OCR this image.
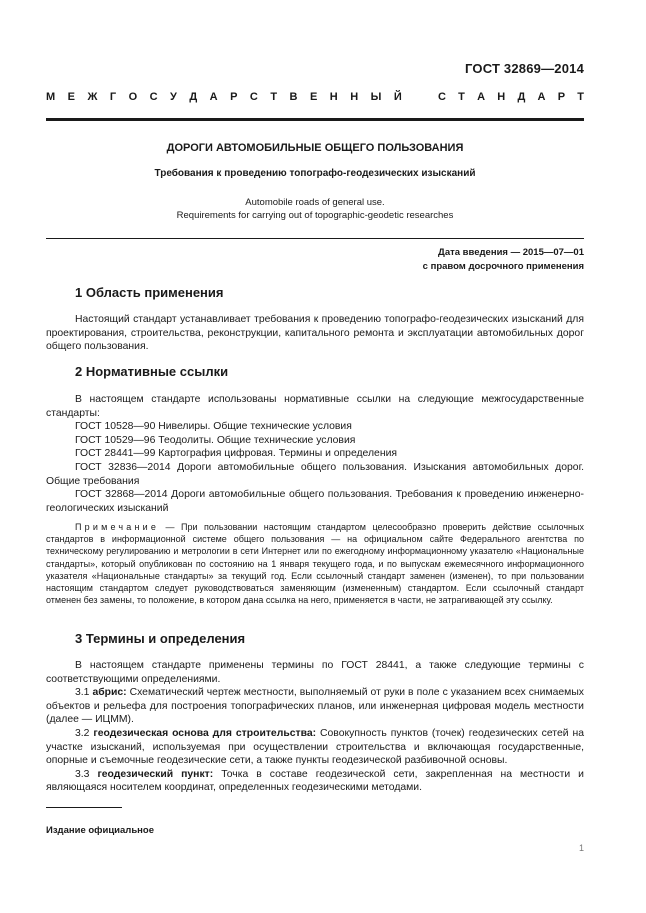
ГОСТ 32869—2014
М Е Ж Г О С У Д А Р С Т В Е Н Н Ы Й	С Т А Н Д А Р Т
ДОРОГИ АВТОМОБИЛЬНЫЕ ОБЩЕГО ПОЛЬЗОВАНИЯ
Требования к проведению топографо-геодезических изысканий
Automobile roads of general use.
Requirements for carrying out of topographic-geodetic researches
Дата введения — 2015—07—01
с правом досрочного применения
1 Область применения

Настоящий стандарт устанавливает требования к проведению топографо-геодезических изысканий для проектирования, строительства, реконструкции, капитального ремонта и эксплуатации автомобильных дорог общего пользования.

2 Нормативные ссылки

В настоящем стандарте использованы нормативные ссылки на следующие межгосударственные стандарты:

ГОСТ 10528—90 Нивелиры. Общие технические условия

ГОСТ 10529—96 Теодолиты. Общие технические условия

ГОСТ 28441—99 Картография цифровая. Термины и определения

ГОСТ 32836—2014 Дороги автомобильные общего пользования. Изыскания автомобильных дорог. Общие требования

ГОСТ 32868—2014 Дороги автомобильные общего пользования. Требования к проведению инженерно-геологических изысканий

Примечание — При пользовании настоящим стандартом целесообразно проверить действие ссылочных стандартов в информационной системе общего пользования — на официальном сайте Федерального агентства по техническому регулированию и метрологии в сети Интернет или по ежегодному информационному указателю «Национальные стандарты», который опубликован по состоянию на 1 января текущего года, и по выпускам ежемесячного информационного указателя «Национальные стандарты» за текущий год. Если ссылочный стандарт заменен (изменен), то при пользовании настоящим стандартом следует руководствоваться заменяющим (измененным) стандартом. Если ссылочный стандарт отменен без замены, то положение, в котором дана ссылка на него, применяется в части, не затрагивающей эту ссылку.

3 Термины и определения

В настоящем стандарте применены термины по ГОСТ 28441, а также следующие термины с соответствующими определениями.

3.1 абрис: Схематический чертеж местности, выполняемый от руки в поле с указанием всех снимаемых объектов и рельефа для построения топографических планов, или инженерная цифровая модель местности (далее — ИЦММ).

3.2 геодезическая основа для строительства: Совокупность пунктов (точек) геодезических сетей на участке изысканий, используемая при осуществлении строительства и включающая государственные, опорные и съемочные геодезические сети, а также пункты геодезической разбивочной основы.

3.3 геодезический пункт: Точка в составе геодезической сети, закрепленная на местности и являющаяся носителем координат, определенных геодезическими методами.

Издание официальное
1
